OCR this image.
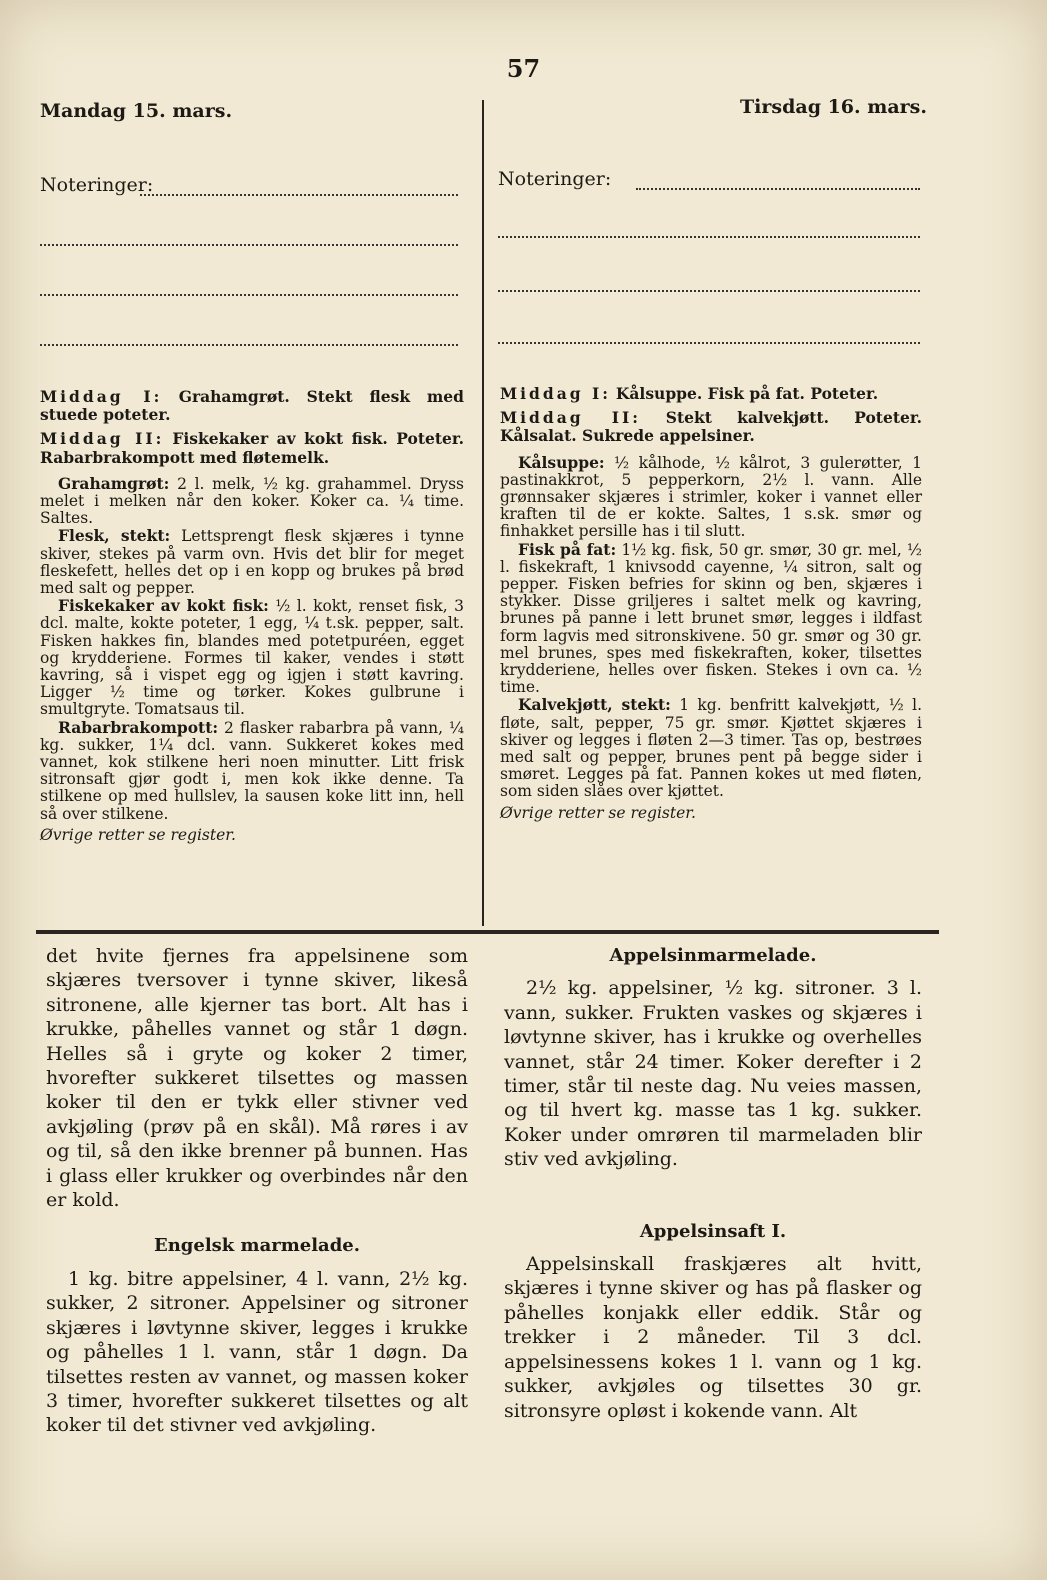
57
Mandag 15. mars.	Tirsdag 16. mars.
Noteringer:	Noteringer:

Middag I: Grahamgrøt. Stekt flesk med stuede poteter.

Middag II: Fiskekaker av kokt fisk. Poteter. Rabarbrakompott med fløtemelk.

Grahamgrøt: 2 l. melk, ½ kg. grahammel. Dryss melet i melken når den koker. Koker ca. ¼ time. Saltes.

Flesk, stekt: Lettsprengt flesk skjæres i tynne skiver, stekes på varm ovn. Hvis det blir for meget fleskefett, helles det op i en kopp og brukes på brød med salt og pepper.

Fiskekaker av kokt fisk: ½ l. kokt, renset fisk, 3 dcl. malte, kokte poteter, 1 egg, ¼ t.sk. pepper, salt. Fisken hakkes fin, blandes med potetpuréen, egget og krydderiene. Formes til kaker, vendes i støtt kavring, så i vispet egg og igjen i støtt kavring. Ligger ½ time og tørker. Kokes gulbrune i smultgryte. Tomatsaus til.

Rabarbrakompott: 2 flasker rabarbra på vann, ¼ kg. sukker, 1¼ dcl. vann. Sukkeret kokes med vannet, kok stilkene heri noen minutter. Litt frisk sitronsaft gjør godt i, men kok ikke denne. Ta stilkene op med hullslev, la sausen koke litt inn, hell så over stilkene.

Øvrige retter se register.

Middag I: Kålsuppe. Fisk på fat. Poteter.

Middag II: Stekt kalvekjøtt. Poteter. Kålsalat. Sukrede appelsiner.

Kålsuppe: ½ kålhode, ½ kålrot, 3 gulerøtter, 1 pastinakkrot, 5 pepperkorn, 2½ l. vann. Alle grønnsaker skjæres i strimler, koker i vannet eller kraften til de er kokte. Saltes, 1 s.sk. smør og finhakket persille has i til slutt.

Fisk på fat: 1½ kg. fisk, 50 gr. smør, 30 gr. mel, ½ l. fiskekraft, 1 knivsodd cayenne, ¼ sitron, salt og pepper. Fisken befries for skinn og ben, skjæres i stykker. Disse griljeres i saltet melk og kavring, brunes på panne i lett brunet smør, legges i ildfast form lagvis med sitronskivene. 50 gr. smør og 30 gr. mel brunes, spes med fiskekraften, koker, tilsettes krydderiene, helles over fisken. Stekes i ovn ca. ½ time.

Kalvekjøtt, stekt: 1 kg. benfritt kalvekjøtt, ½ l. fløte, salt, pepper, 75 gr. smør. Kjøttet skjæres i skiver og legges i fløten 2—3 timer. Tas op, bestrøes med salt og pepper, brunes pent på begge sider i smøret. Legges på fat. Pannen kokes ut med fløten, som siden slåes over kjøttet.

Øvrige retter se register.

det hvite fjernes fra appelsinene som skjæres tversover i tynne skiver, likeså sitronene, alle kjerner tas bort. Alt has i krukke, påhelles vannet og står 1 døgn. Helles så i gryte og koker 2 timer, hvorefter sukkeret tilsettes og massen koker til den er tykk eller stivner ved avkjøling (prøv på en skål). Må røres i av og til, så den ikke brenner på bunnen. Has i glass eller krukker og overbindes når den er kold.

Engelsk marmelade.

1 kg. bitre appelsiner, 4 l. vann, 2½ kg. sukker, 2 sitroner. Appelsiner og sitroner skjæres i løvtynne skiver, legges i krukke og påhelles 1 l. vann, står 1 døgn. Da tilsettes resten av vannet, og massen koker 3 timer, hvorefter sukkeret tilsettes og alt koker til det stivner ved avkjøling.

Appelsinmarmelade.

2½ kg. appelsiner, ½ kg. sitroner. 3 l. vann, sukker. Frukten vaskes og skjæres i løvtynne skiver, has i krukke og overhelles vannet, står 24 timer. Koker derefter i 2 timer, står til neste dag. Nu veies massen, og til hvert kg. masse tas 1 kg. sukker. Koker under omrøren til marmeladen blir stiv ved avkjøling.

Appelsinsaft I.

Appelsinskall fraskjæres alt hvitt, skjæres i tynne skiver og has på flasker og påhelles konjakk eller eddik. Står og trekker i 2 måneder. Til 3 dcl. appelsinessens kokes 1 l. vann og 1 kg. sukker, avkjøles og tilsettes 30 gr. sitronsyre opløst i kokende vann. Alt
